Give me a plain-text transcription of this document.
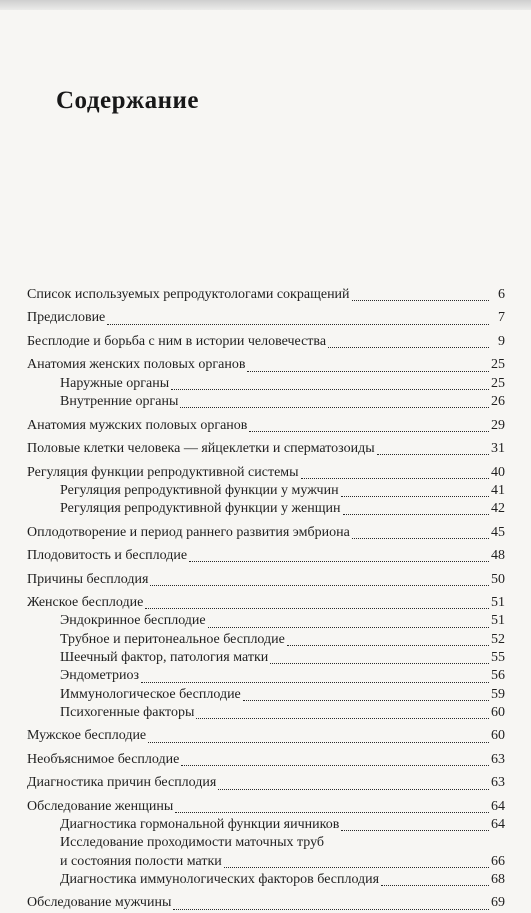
Содержание
Список используемых репродуктологами сокращений	6
Предисловие	7
Бесплодие и борьба с ним в истории человечества	9
Анатомия женских половых органов	25
Наружные органы	25
Внутренние органы	26
Анатомия мужских половых органов	29
Половые клетки человека — яйцеклетки и сперматозоиды	31
Регуляция функции репродуктивной системы	40
Регуляция репродуктивной функции у мужчин	41
Регуляция репродуктивной функции у женщин	42
Оплодотворение и период раннего развития эмбриона	45
Плодовитость и бесплодие	48
Причины бесплодия	50
Женское бесплодие	51
Эндокринное бесплодие	51
Трубное и перитонеальное бесплодие	52
Шеечный фактор, патология матки	55
Эндометриоз	56
Иммунологическое бесплодие	59
Психогенные факторы	60
Мужское бесплодие	60
Необъяснимое бесплодие	63
Диагностика причин бесплодия	63
Обследование женщины	64
Диагностика гормональной функции яичников	64
Исследование проходимости маточных труб
и состояния полости матки	66
Диагностика иммунологических факторов бесплодия	68
Обследование мужчины	69
